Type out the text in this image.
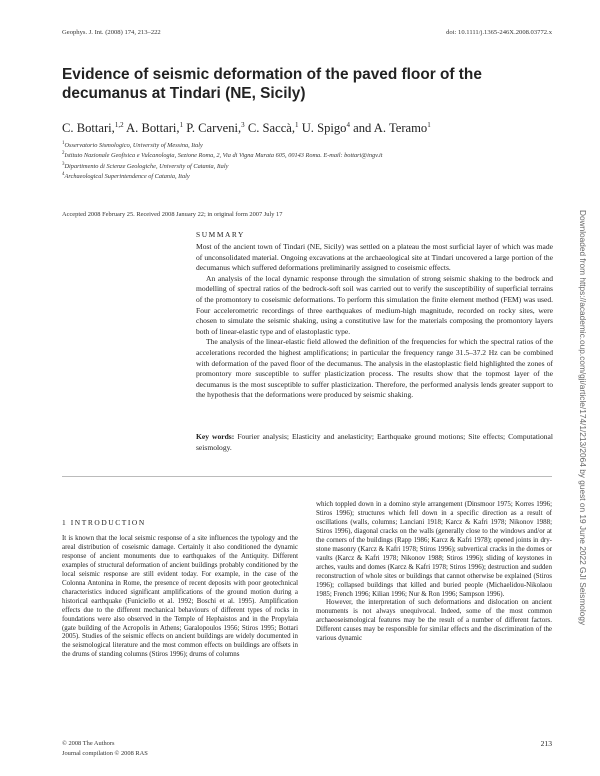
Geophys. J. Int. (2008) 174, 213–222	doi: 10.1111/j.1365-246X.2008.03772.x
Evidence of seismic deformation of the paved floor of the decumanus at Tindari (NE, Sicily)
C. Bottari,$^{1,2}$ A. Bottari,$^1$ P. Carveni,$^3$ C. Saccà,$^1$ U. Spigo$^4$ and A. Teramo$^1$
$^1$Osservatorio Sismologico, University of Messina, Italy
$^2$Istituto Nazionale Geofisica e Vulcanologia, Sezione Roma, 2, Via di Vigna Murata 605, 00143 Roma. E-mail: bottari@ingv.it
$^3$Dipartimento di Scienze Geologiche, University of Catania, Italy
$^4$Archaeological Superintendence of Catania, Italy
Accepted 2008 February 25. Received 2008 January 22; in original form 2007 July 17
SUMMARY

Most of the ancient town of Tindari (NE, Sicily) was settled on a plateau the most surficial layer of which was made of unconsolidated material. Ongoing excavations at the archaeological site at Tindari uncovered a large portion of the decumanus which suffered deformations preliminarily assigned to coseismic effects.

An analysis of the local dynamic response through the simulation of strong seismic shaking to the bedrock and modelling of spectral ratios of the bedrock-soft soil was carried out to verify the susceptibility of superficial terrains of the promontory to coseismic deformations. To perform this simulation the finite element method (FEM) was used. Four accelerometric recordings of three earthquakes of medium-high magnitude, recorded on rocky sites, were chosen to simulate the seismic shaking, using a constitutive law for the materials composing the promontory layers both of linear-elastic type and of elastoplastic type.

The analysis of the linear-elastic field allowed the definition of the frequencies for which the spectral ratios of the accelerations recorded the highest amplifications; in particular the frequency range 31.5–37.2 Hz can be combined with deformation of the paved floor of the decumanus. The analysis in the elastoplastic field highlighted the zones of promontory more susceptible to suffer plasticization process. The results show that the topmost layer of the decumanus is the most susceptible to suffer plasticization. Therefore, the performed analysis lends greater support to the hypothesis that the deformations were produced by seismic shaking.

Key words: Fourier analysis; Elasticity and anelasticity; Earthquake ground motions; Site effects; Computational seismology.
1 INTRODUCTION

It is known that the local seismic response of a site influences the typology and the areal distribution of coseismic damage. Certainly it also conditioned the dynamic response of ancient monuments due to earthquakes of the Antiquity. Different examples of structural deformation of ancient buildings probably conditioned by the local seismic response are still evident today. For example, in the case of the Colonna Antonina in Rome, the presence of recent deposits with poor geotechnical characteristics induced significant amplifications of the ground motion during a historical earthquake (Funiciello et al. 1992; Boschi et al. 1995). Amplification effects due to the different mechanical behaviours of different types of rocks in foundations were also observed in the Temple of Hephaistos and in the Propylaia (gate building of the Acropolis in Athens; Garalopoulos 1956; Stiros 1995; Bottari 2005). Studies of the seismic effects on ancient buildings are widely documented in the seismological literature and the most common effects on buildings are offsets in the drums of standing columns (Stiros 1996); drums of columns

which toppled down in a domino style arrangement (Dinsmoor 1975; Korres 1996; Stiros 1996); structures which fell down in a specific direction as a result of oscillations (walls, columns; Lanciani 1918; Karcz & Kafri 1978; Nikonov 1988; Stiros 1996), diagonal cracks on the walls (generally close to the windows and/or at the corners of the buildings (Rapp 1986; Karcz & Kafri 1978); opened joints in dry-stone masonry (Karcz & Kafri 1978; Stiros 1996); subvertical cracks in the domes or vaults (Karcz & Kafri 1978; Nikonov 1988; Stiros 1996); sliding of keystones in arches, vaults and domes (Karcz & Kafri 1978; Stiros 1996); destruction and sudden reconstruction of whole sites or buildings that cannot otherwise be explained (Stiros 1996); collapsed buildings that killed and buried people (Michaelidou-Nikolaou 1985; French 1996; Kilian 1996; Nur & Ron 1996; Sampson 1996).

However, the interpretation of such deformations and dislocation on ancient monuments is not always unequivocal. Indeed, some of the most common archaeoseismological features may be the result of a number of different factors. Different causes may be responsible for similar effects and the discrimination of the various dynamic

© 2008 The Authors
Journal compilation © 2008 RAS
213
Downloaded from https://academic.oup.com/gji/article/174/1/213/2064 by guest on 19 June 2022 GJI Seismology
